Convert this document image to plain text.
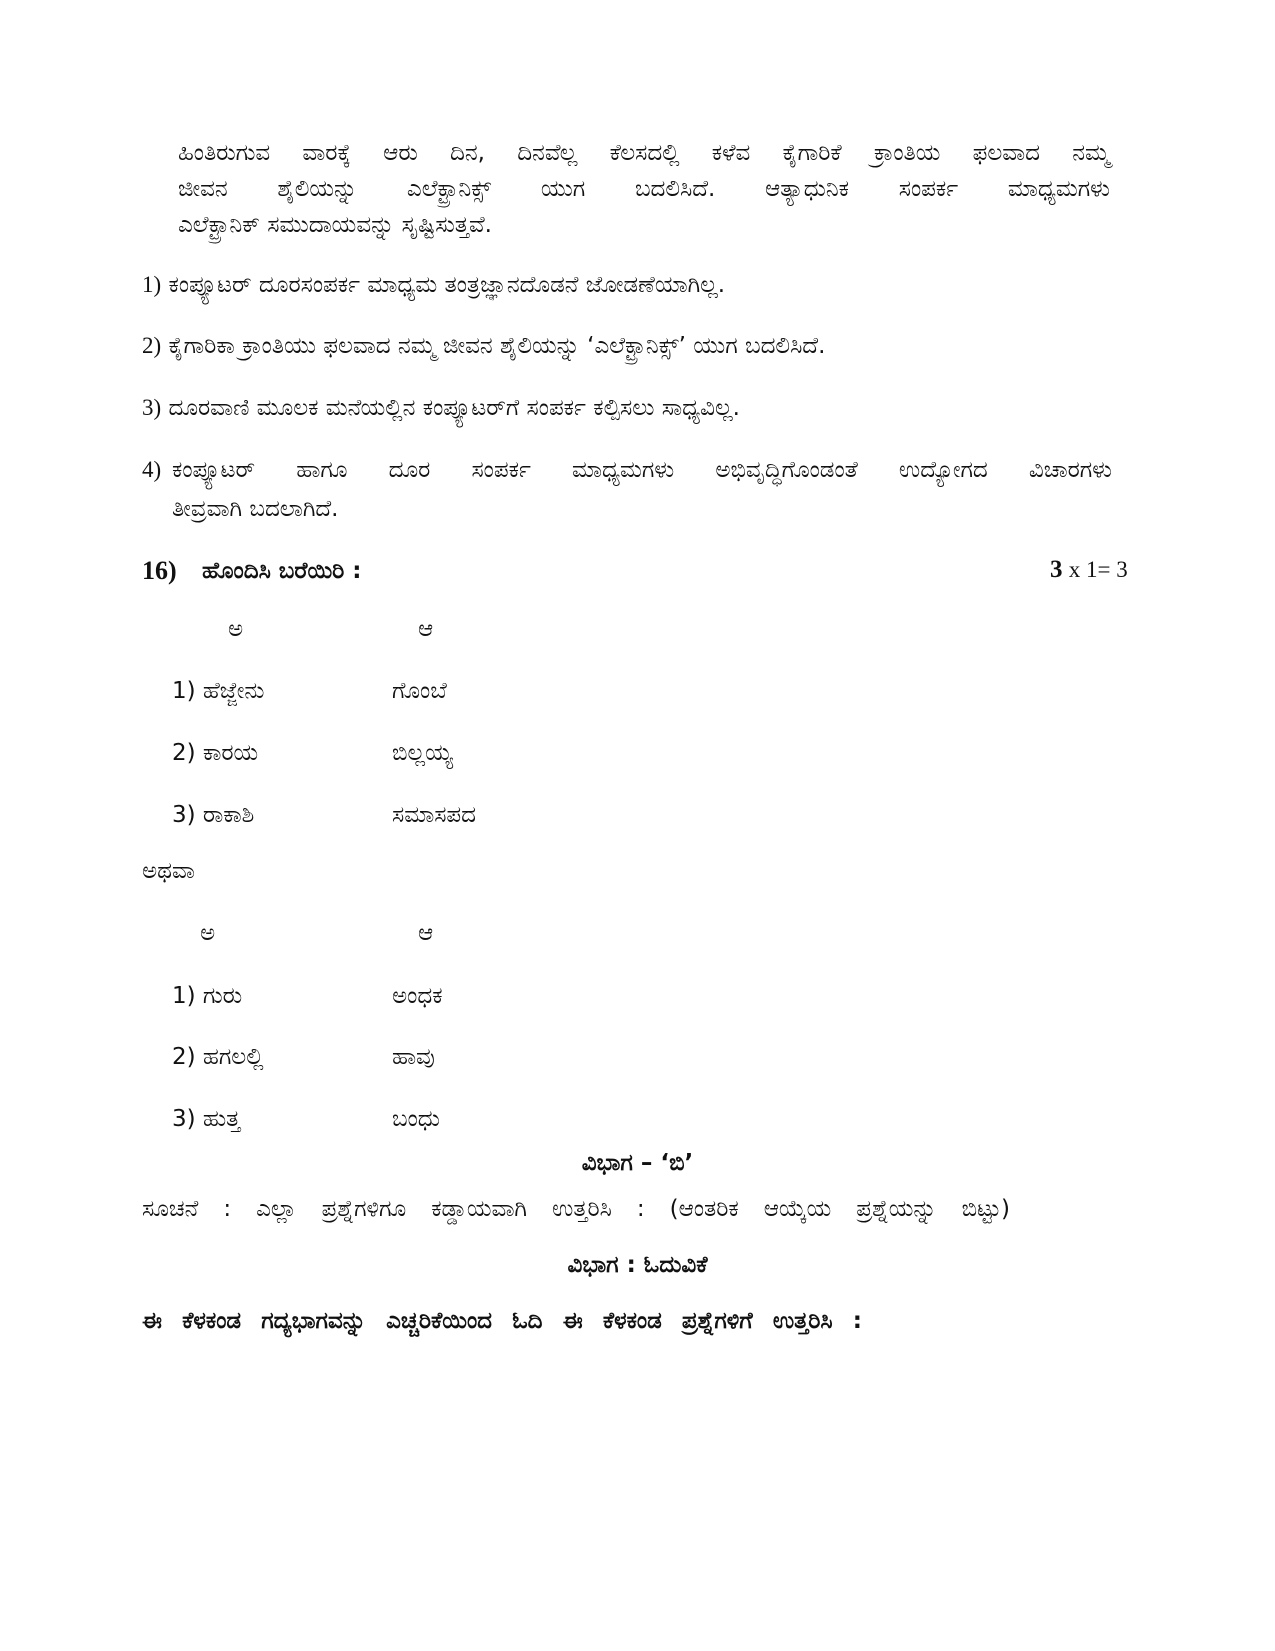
ಹಿಂತಿರುಗುವ ವಾರಕ್ಕೆ ಆರು ದಿನ, ದಿನವೆಲ್ಲ ಕೆಲಸದಲ್ಲಿ ಕಳೆವ ಕೈಗಾರಿಕೆ ಕ್ರಾಂತಿಯ ಫಲವಾದ ನಮ್ಮ
ಜೀವನ ಶೈಲಿಯನ್ನು ಎಲೆಕ್ಟ್ರಾನಿಕ್ಸ್ ಯುಗ ಬದಲಿಸಿದೆ. ಆತ್ಯಾಧುನಿಕ ಸಂಪರ್ಕ ಮಾಧ್ಯಮಗಳು
ಎಲೆಕ್ಟ್ರಾನಿಕ್ ಸಮುದಾಯವನ್ನು ಸೃಷ್ಟಿಸುತ್ತವೆ.
1) ಕಂಪ್ಯೂಟರ್ ದೂರಸಂಪರ್ಕ ಮಾಧ್ಯಮ ತಂತ್ರಜ್ಞಾನದೊಡನೆ ಜೋಡಣೆಯಾಗಿಲ್ಲ.
2) ಕೈಗಾರಿಕಾ ಕ್ರಾಂತಿಯು ಫಲವಾದ ನಮ್ಮ ಜೀವನ ಶೈಲಿಯನ್ನು ‘ಎಲೆಕ್ಟ್ರಾನಿಕ್ಸ್’ ಯುಗ ಬದಲಿಸಿದೆ.
3) ದೂರವಾಣಿ ಮೂಲಕ ಮನೆಯಲ್ಲಿನ ಕಂಪ್ಯೂಟರ್‌ಗೆ ಸಂಪರ್ಕ ಕಲ್ಪಿಸಲು ಸಾಧ್ಯವಿಲ್ಲ.
4) ಕಂಪ್ಯೂಟರ್ ಹಾಗೂ ದೂರ ಸಂಪರ್ಕ ಮಾಧ್ಯಮಗಳು ಅಭಿವೃದ್ಧಿಗೊಂಡಂತೆ ಉದ್ಯೋಗದ ವಿಚಾರಗಳು
ತೀವ್ರವಾಗಿ ಬದಲಾಗಿದೆ.
16) ಹೊಂದಿಸಿ ಬರೆಯಿರಿ :	3 x 1= 3
ಅ	ಆ
1) ಹೆಜ್ಜೇನು	ಗೊಂಬೆ
2) ಕಾರಯ	ಬಿಲ್ಲಯ್ಯ
3) ರಾಕಾಶಿ	ಸಮಾಸಪದ
ಅಥವಾ
ಅ	ಆ
1) ಗುರು	ಅಂಧಕ
2) ಹಗಲಲ್ಲಿ	ಹಾವು
3) ಹುತ್ತ	ಬಂಧು
ವಿಭಾಗ – ‘ಬಿ’
ಸೂಚನೆ : ಎಲ್ಲಾ ಪ್ರಶ್ನೆಗಳಿಗೂ ಕಡ್ಡಾಯವಾಗಿ ಉತ್ತರಿಸಿ : (ಆಂತರಿಕ ಆಯ್ಕೆಯ ಪ್ರಶ್ನೆಯನ್ನು ಬಿಟ್ಟು)
ವಿಭಾಗ : ಓದುವಿಕೆ
ಈ ಕೆಳಕಂಡ ಗದ್ಯಭಾಗವನ್ನು ಎಚ್ಚರಿಕೆಯಿಂದ ಓದಿ ಈ ಕೆಳಕಂಡ ಪ್ರಶ್ನೆಗಳಿಗೆ ಉತ್ತರಿಸಿ :
